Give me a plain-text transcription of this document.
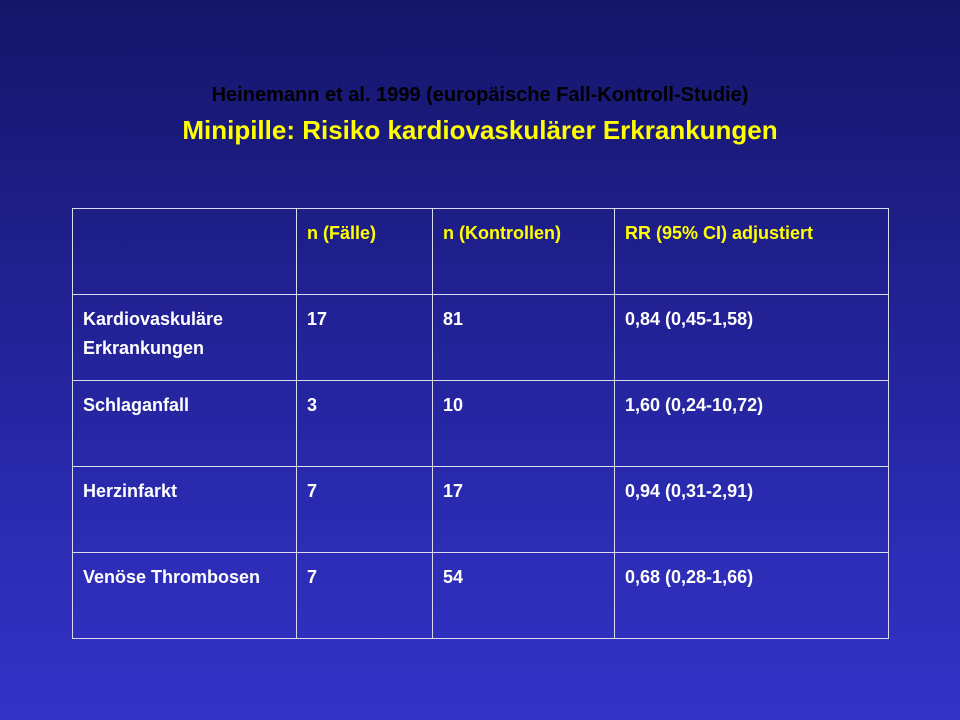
Heinemann et al. 1999 (europäische Fall-Kontroll-Studie)
Minipille: Risiko kardiovaskulärer Erkrankungen
	n (Fälle)	n (Kontrollen)	RR (95% CI) adjustiert
Kardiovaskuläre Erkrankungen	17	81	0,84 (0,45-1,58)
Schlaganfall	3	10	1,60 (0,24-10,72)
Herzinfarkt	7	17	0,94 (0,31-2,91)
Venöse Thrombosen	7	54	0,68 (0,28-1,66)
